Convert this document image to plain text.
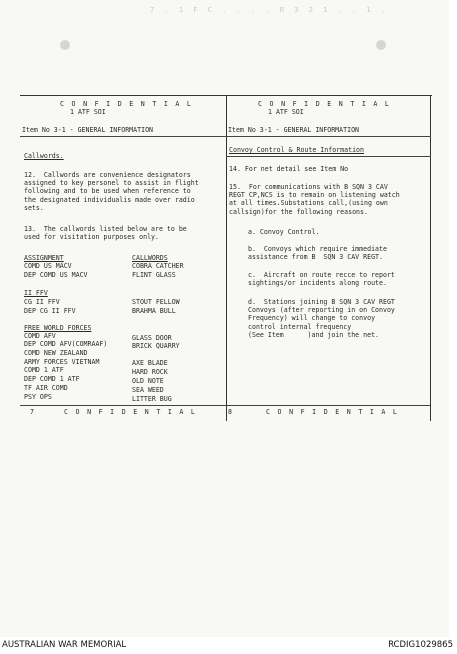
7 . 1 F C . . . . R 3 2 1 . . 1 .
C O N F I D E N T I A L
1 ATF SOI
Item No 3-1 - GENERAL INFORMATION
Callwords.
12.  Callwords are convenience designators
assigned to key personel to assist in flight
following and to be used when reference to
the designated individualis made over radio
sets.
13.  The callwords listed below are to be
used for visitation purposes only.
ASSIGNMENT	CALLWORDS
COMD US MACV	COBRA CATCHER
DEP COMD US MACV	FLINT GLASS
II FFV
CG II FFV	STOUT FELLOW
DEP CG II FFV	BRAHMA BULL
FREE WORLD FORCES
COMD AFV	GLASS DOOR
DEP COMD AFV(COMRAAF)	BRICK QUARRY
COMD NEW ZEALAND
ARMY FORCES VIETNAM	AXE BLADE
COMD 1 ATF	HARD ROCK
DEP COMD 1 ATF	OLD NOTE
TF AIR COMD	SEA WEED
PSY OPS	LITTER BUG
7	C O N F I D E N T I A L
C O N F I D E N T I A L
1 ATF SOI
Item No 3-1 - GENERAL INFORMATION
Convoy Control & Route Information
14. For net detail see Item No
15.  For communications with B SQN 3 CAV
REGT CP,NCS is to remain on listening watch
at all times.Substations call,(using own
callsign)for the following reasons.
a. Convoy Control.
b.  Convoys which require immediate
assistance from B  SQN 3 CAV REGT.
c.  Aircraft on route recce to report
sightings/or incidents along route.
d.  Stations joining B SQN 3 CAV REGT
Convoys (after reporting in on Convoy
Frequency) will change to convoy
control internal frequency
(See Item      )and join the net.
8	C O N F I D E N T I A L
AUSTRALIAN WAR MEMORIAL	RCDIG1029865
